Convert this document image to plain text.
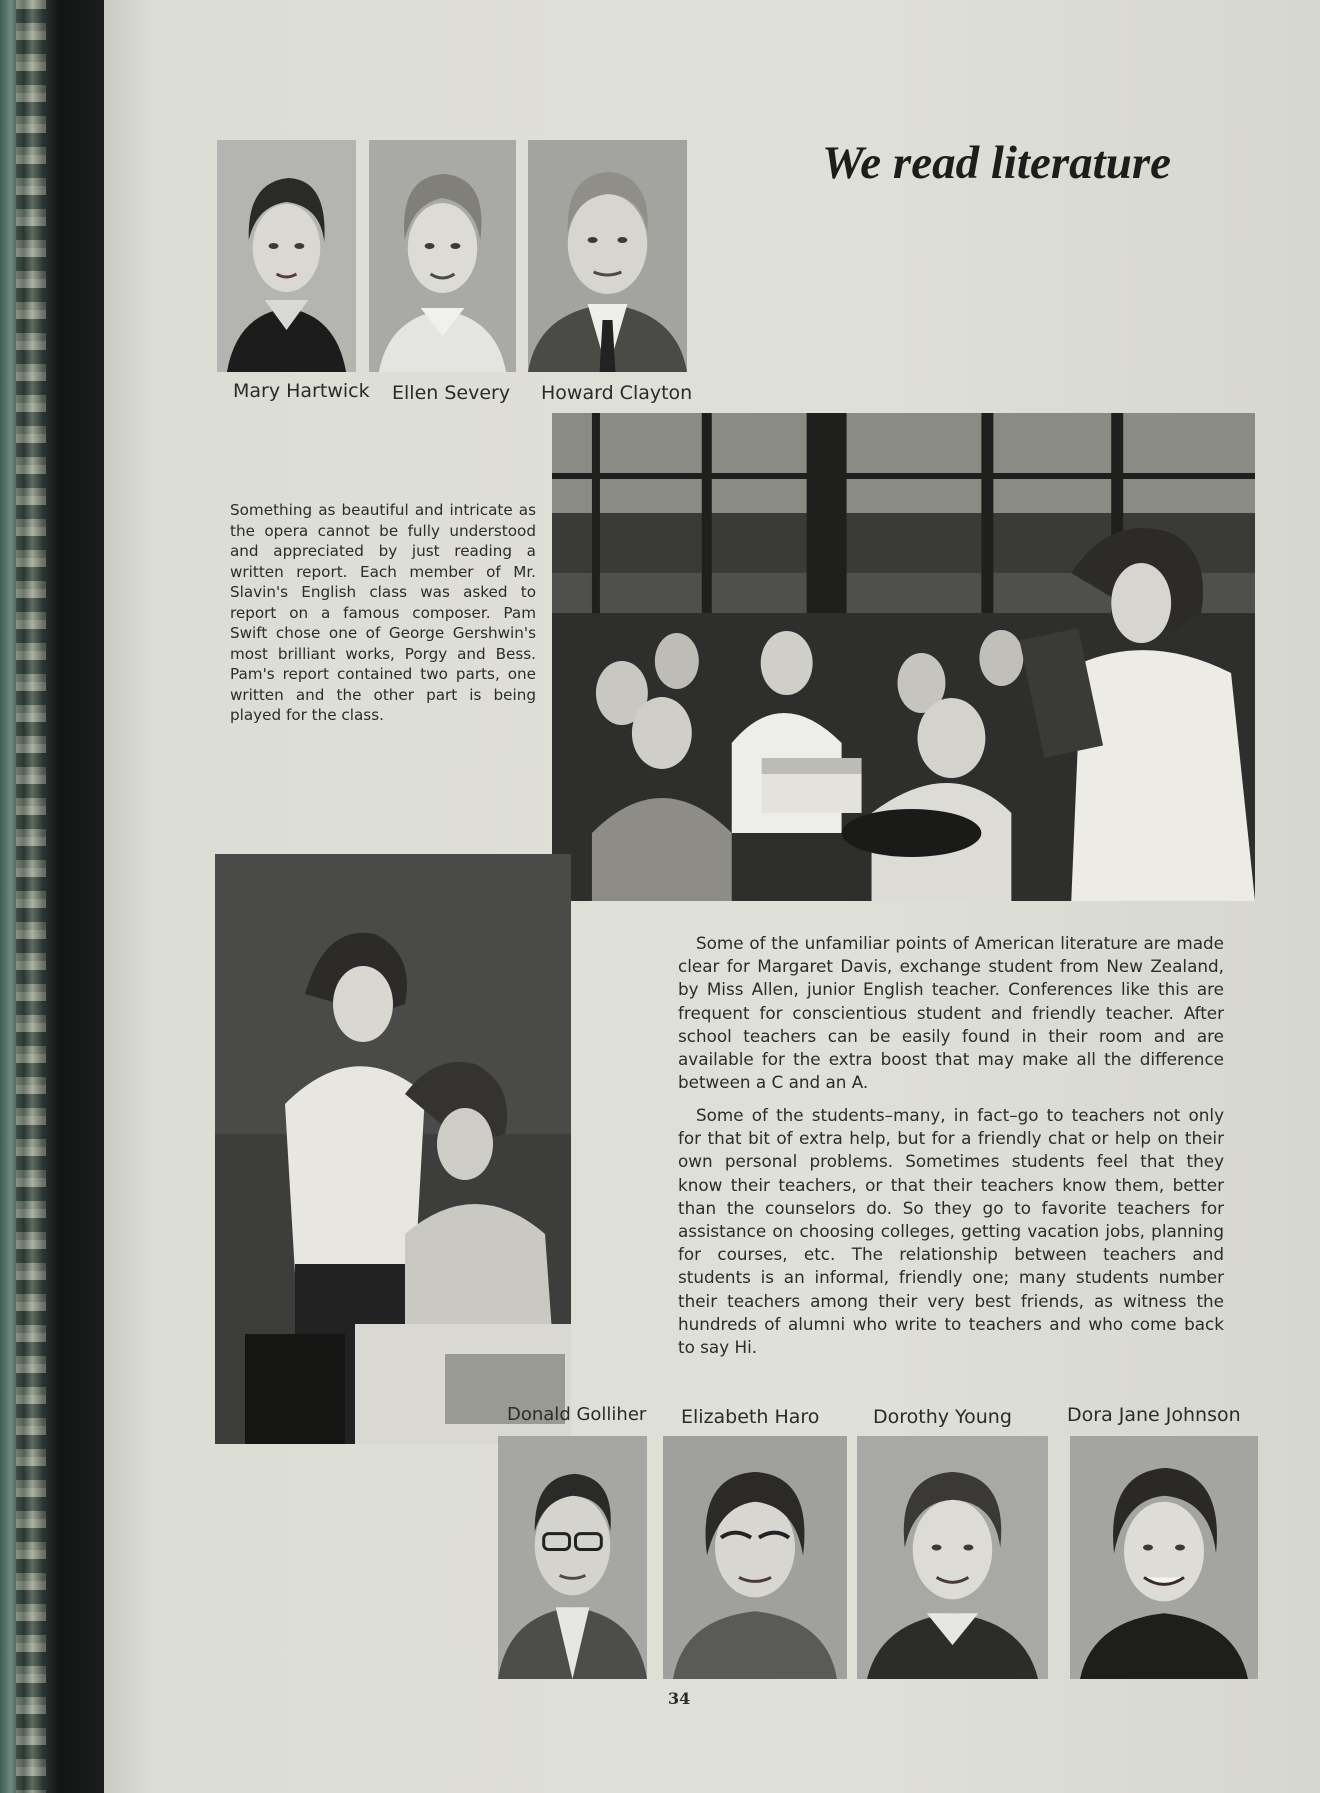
We read literature
Mary Hartwick Ellen Severy Howard Clayton

Something as beautiful and intricate as the opera cannot be fully understood and appreciated by just reading a written report. Each member of Mr. Slavin's English class was asked to report on a famous composer. Pam Swift chose one of George Gershwin's most brilliant works, Porgy and Bess. Pam's report contained two parts, one written and the other part is being played for the class.

Some of the unfamiliar points of American literature are made clear for Margaret Davis, exchange student from New Zealand, by Miss Allen, junior English teacher. Conferences like this are frequent for conscientious student and friendly teacher. After school teachers can be easily found in their room and are available for the extra boost that may make all the difference between a C and an A.

Some of the students–many, in fact–go to teachers not only for that bit of extra help, but for a friendly chat or help on their own personal problems. Sometimes students feel that they know their teachers, or that their teachers know them, better than the counselors do. So they go to favorite teachers for assistance on choosing colleges, getting vacation jobs, planning for courses, etc. The relationship between teachers and students is an informal, friendly one; many students number their teachers among their very best friends, as witness the hundreds of alumni who write to teachers and who come back to say Hi.

Donald Golliher Elizabeth Haro	Dorothy Young	Dora Jane Johnson
34
